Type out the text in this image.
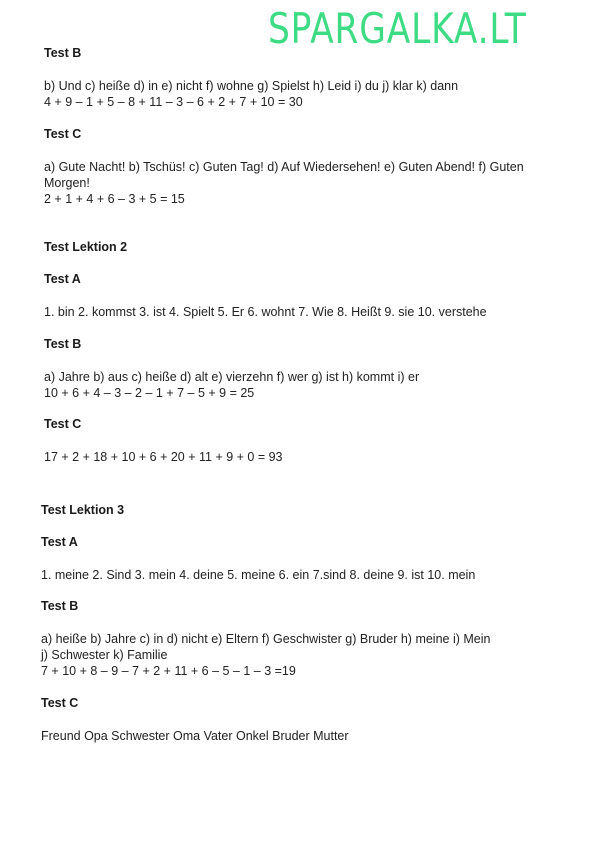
SPARGALKA.LT
Test B
b) Und c) heiße d) in e) nicht f) wohne g) Spielst h) Leid i) du j) klar k) dann
4 + 9 – 1 + 5 – 8 + 11 – 3 – 6 + 2 + 7 + 10 = 30
Test C
a) Gute Nacht! b) Tschüs! c) Guten Tag! d) Auf Wiedersehen! e) Guten Abend! f) Guten
Morgen!
2 + 1 + 4 + 6 – 3 + 5 = 15
Test Lektion 2
Test A
1. bin 2. kommst 3. ist 4. Spielt 5. Er 6. wohnt 7. Wie 8. Heißt 9. sie 10. verstehe
Test B
a) Jahre b) aus c) heiße d) alt e) vierzehn f) wer g) ist h) kommt i) er
10 + 6 + 4 – 3 – 2 – 1 + 7 – 5 + 9 = 25
Test C
17 + 2 + 18 + 10 + 6 + 20 + 11 + 9 + 0 = 93
Test Lektion 3
Test A
1. meine 2. Sind 3. mein 4. deine 5. meine 6. ein 7.sind 8. deine 9. ist 10. mein
Test B
a) heiße b) Jahre c) in d) nicht e) Eltern f) Geschwister g) Bruder h) meine i) Mein
j) Schwester k) Familie
7 + 10 + 8 – 9 – 7 + 2 + 11 + 6 – 5 – 1 – 3 =19
Test C
Freund Opa Schwester Oma Vater Onkel Bruder Mutter
